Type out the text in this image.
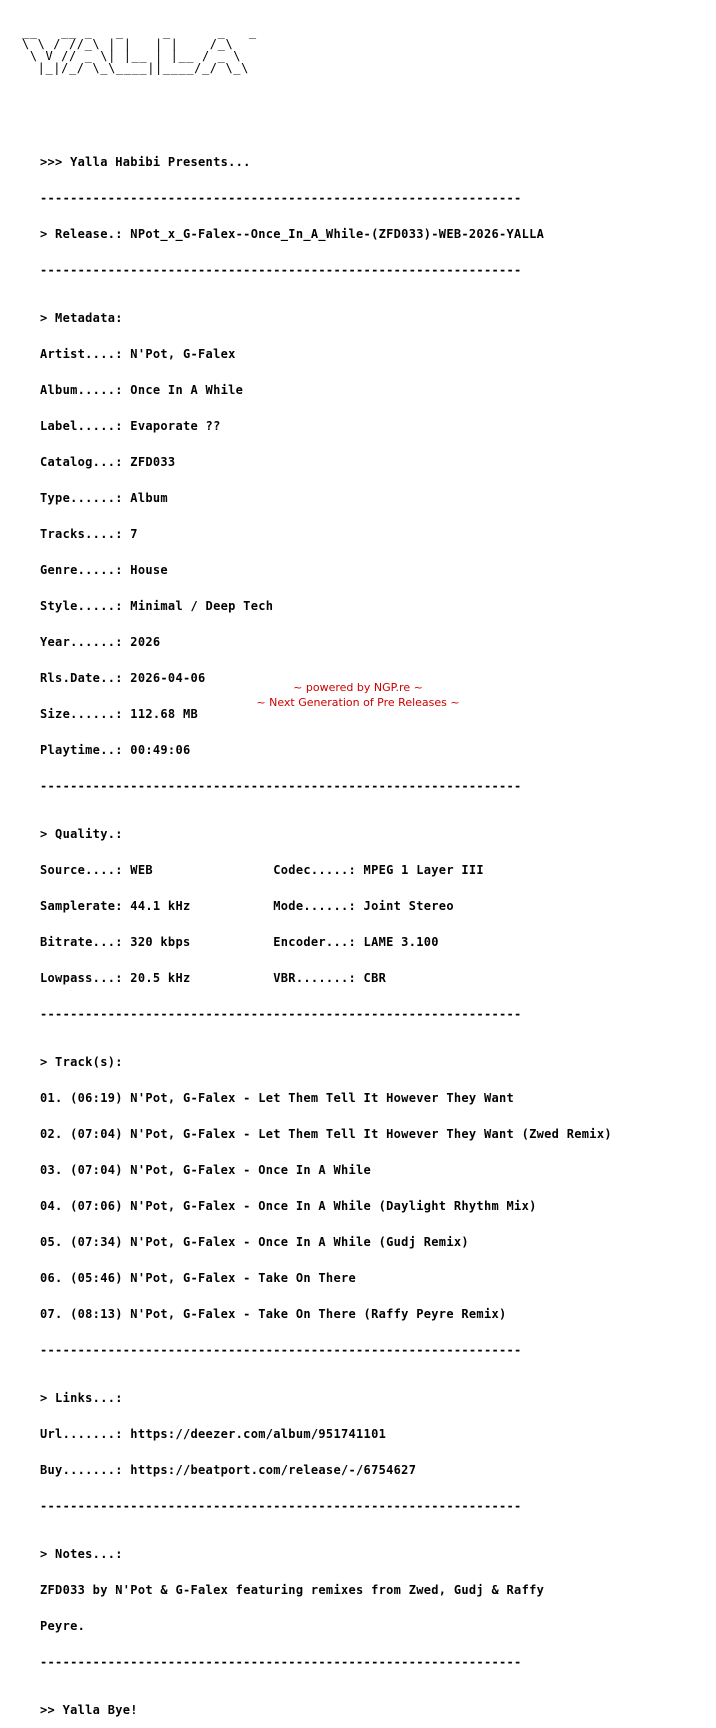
__   __ _   _     _      _   _
\ \ / //_\ | |   | |    /_\
\ V // _ \| |__ | |__ / _ \
|_|/_/ \_\____||____/_/ \_\

>>> Yalla Habibi Presents...

----------------------------------------------------------------

> Release.: NPot_x_G-Falex--Once_In_A_While-(ZFD033)-WEB-2026-YALLA

----------------------------------------------------------------

> Metadata:

Artist....: N'Pot, G-Falex

Album.....: Once In A While

Label.....: Evaporate ??

Catalog...: ZFD033

Type......: Album

Tracks....: 7

Genre.....: House

Style.....: Minimal / Deep Tech

Year......: 2026

Rls.Date..: 2026-04-06

Size......: 112.68 MB

Playtime..: 00:49:06

----------------------------------------------------------------

> Quality.:

Source....: WEB                Codec.....: MPEG 1 Layer III

Samplerate: 44.1 kHz           Mode......: Joint Stereo

Bitrate...: 320 kbps           Encoder...: LAME 3.100

Lowpass...: 20.5 kHz           VBR.......: CBR

----------------------------------------------------------------

> Track(s):

01. (06:19) N'Pot, G-Falex - Let Them Tell It However They Want

02. (07:04) N'Pot, G-Falex - Let Them Tell It However They Want (Zwed Remix)

03. (07:04) N'Pot, G-Falex - Once In A While

04. (07:06) N'Pot, G-Falex - Once In A While (Daylight Rhythm Mix)

05. (07:34) N'Pot, G-Falex - Once In A While (Gudj Remix)

06. (05:46) N'Pot, G-Falex - Take On There

07. (08:13) N'Pot, G-Falex - Take On There (Raffy Peyre Remix)

----------------------------------------------------------------

> Links...:

Url.......: https://deezer.com/album/951741101

Buy.......: https://beatport.com/release/-/6754627

----------------------------------------------------------------

> Notes...:

ZFD033 by N'Pot & G-Falex featuring remixes from Zwed, Gudj & Raffy

Peyre.

----------------------------------------------------------------

>> Yalla Bye!

~ powered by NGP.re ~
~ Next Generation of Pre Releases ~
